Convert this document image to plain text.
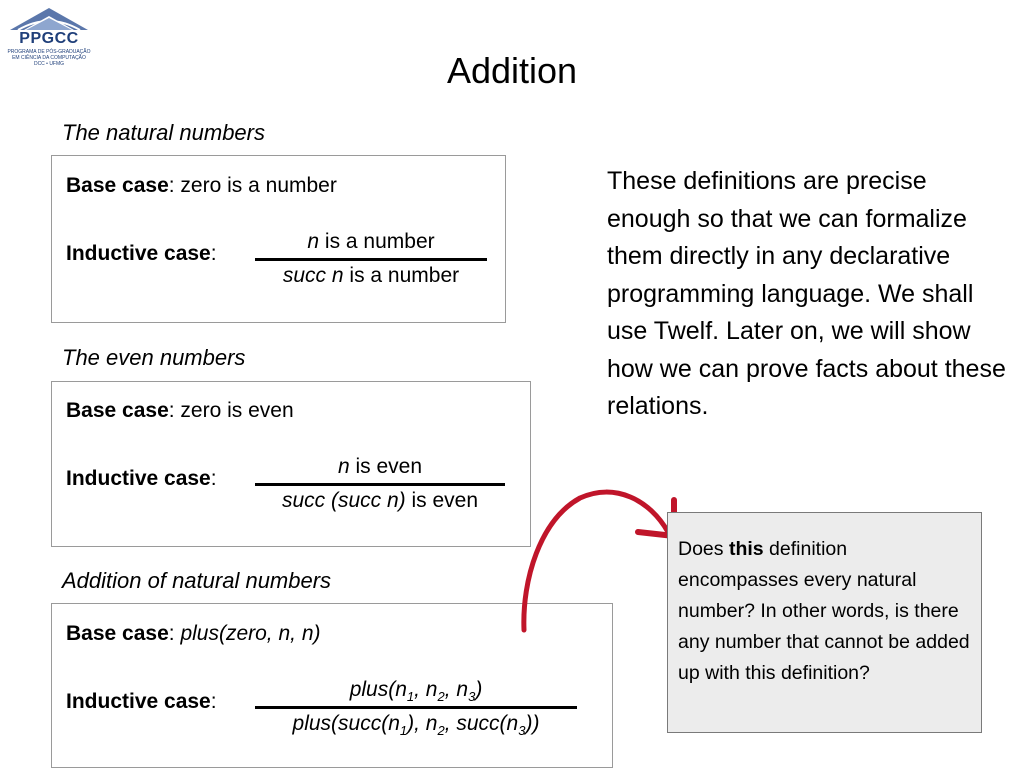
PPGCC
PROGRAMA DE PÓS-GRADUAÇÃO
EM CIÊNCIA DA COMPUTAÇÃO
DCC • UFMG	Addition
The natural numbers
Base case: zero is a number
Inductive case:
n is a number
succ n is a number
The even numbers
Base case: zero is even
Inductive case:
n is even
succ (succ n) is even
Addition of natural numbers
Base case: plus(zero, n, n)
Inductive case:
$plus(n_1$, $n_2$, $n_3$)
$plus(succ(n_1)$, $n_2$, $succ(n_3)$)
These definitions are precise enough so that we can formalize them directly in any declarative programming language. We shall use Twelf. Later on, we will show how we can prove facts about these relations.
Does this definition encompasses every natural number? In other words, is there any number that cannot be added up with this definition?
